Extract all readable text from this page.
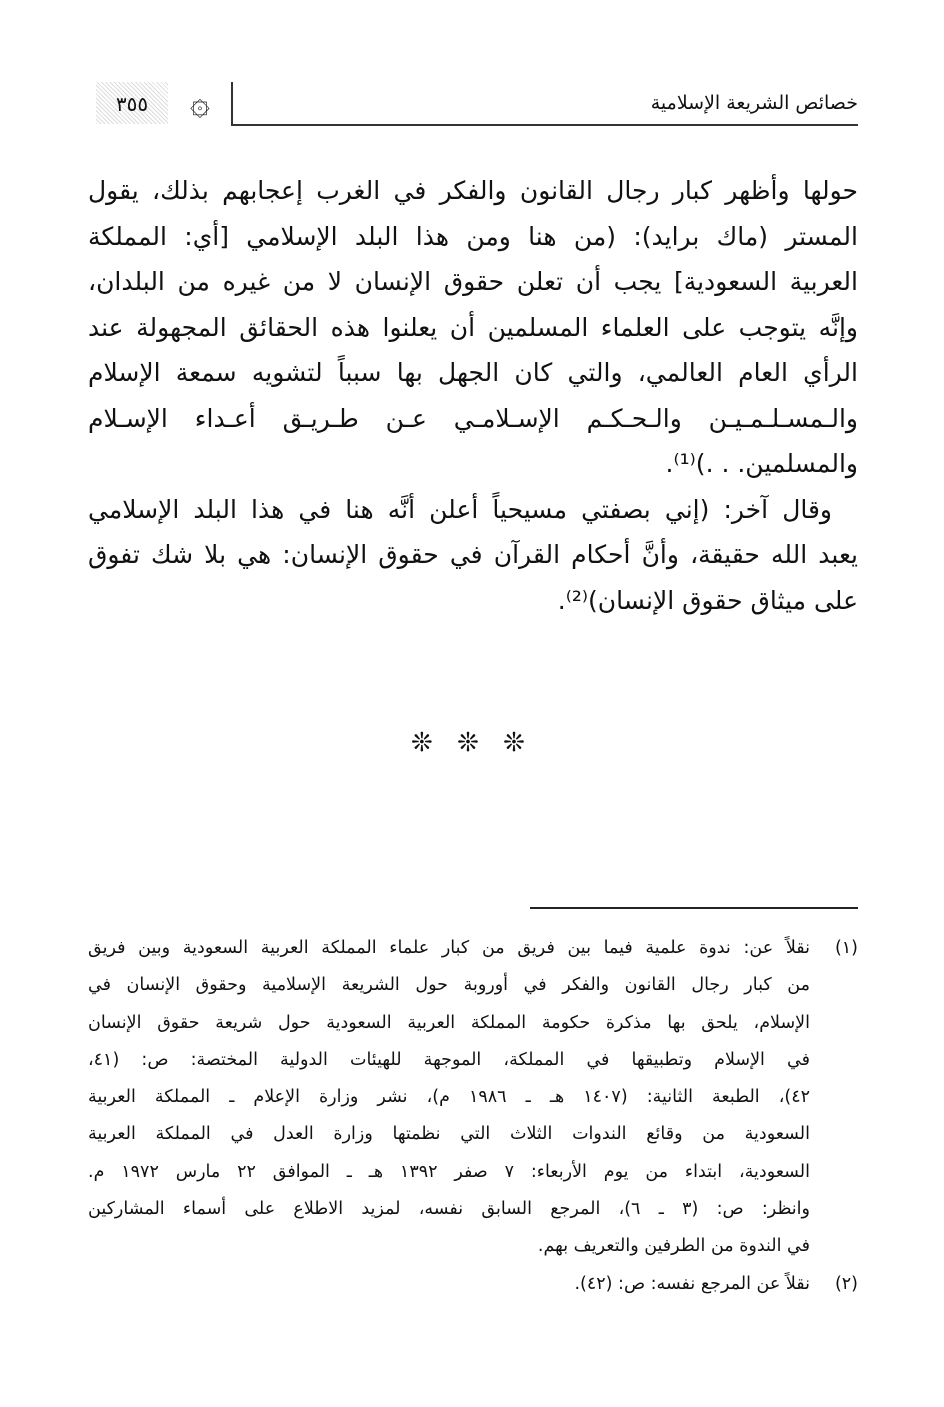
٣٥٥	۞	خصائص الشريعة الإسلامية
حولها وأظهر كبار رجال القانون والفكر في الغرب إعجابهم بذلك، يقول
المستر (ماك برايد): (من هنا ومن هذا البلد الإسلامي [أي: المملكة
العربية السعودية] يجب أن تعلن حقوق الإنسان لا من غيره من البلدان،
وإنَّه يتوجب على العلماء المسلمين أن يعلنوا هذه الحقائق المجهولة عند
الرأي العام العالمي، والتي كان الجهل بها سبباً لتشويه سمعة الإسلام
والـمسـلـمـيـن والـحـكـم الإسـلامـي عـن طـريـق أعـداء الإسـلام
والمسلمين. . .)⁽¹⁾.
وقال آخر: (إني بصفتي مسيحياً أعلن أنَّه هنا في هذا البلد الإسلامي
يعبد الله حقيقة، وأنَّ أحكام القرآن في حقوق الإنسان: هي بلا شك تفوق
على ميثاق حقوق الإنسان)⁽²⁾.
❊ ❊ ❊
(١)
نقلاً عن: ندوة علمية فيما بين فريق من كبار علماء المملكة العربية السعودية وبين فريق
من كبار رجال القانون والفكر في أوروبة حول الشريعة الإسلامية وحقوق الإنسان في
الإسلام، يلحق بها مذكرة حكومة المملكة العربية السعودية حول شريعة حقوق الإنسان
في الإسلام وتطبيقها في المملكة، الموجهة للهيئات الدولية المختصة: ص: (٤١،
٤٢)، الطبعة الثانية: (١٤٠٧ هـ ـ ١٩٨٦ م)، نشر وزارة الإعلام ـ المملكة العربية
السعودية من وقائع الندوات الثلاث التي نظمتها وزارة العدل في المملكة العربية
السعودية، ابتداء من يوم الأربعاء: ٧ صفر ١٣٩٢ هـ ـ الموافق ٢٢ مارس ١٩٧٢ م.
وانظر: ص: (٣ ـ ٦)، المرجع السابق نفسه، لمزيد الاطلاع على أسماء المشاركين
في الندوة من الطرفين والتعريف بهم.
(٢)
نقلاً عن المرجع نفسه: ص: (٤٢).
